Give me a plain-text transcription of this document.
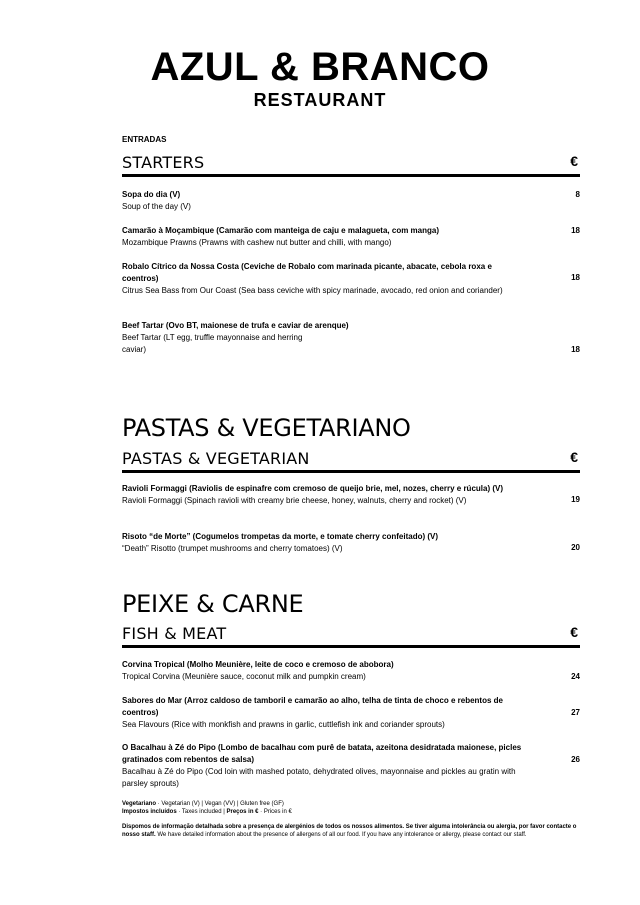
AZUL & BRANCO
RESTAURANT
ENTRADAS
STARTERS	€
Sopa do dia (V)
Soup of the day (V)
8
Camarão à Moçambique (Camarão com manteiga de caju e malagueta, com manga)
Mozambique Prawns (Prawns with cashew nut butter and chilli, with mango)
18
Robalo Cítrico da Nossa Costa (Ceviche de Robalo com marinada picante, abacate, cebola roxa e coentros)
Citrus Sea Bass from Our Coast (Sea bass ceviche with spicy marinade, avocado, red onion and coriander)
18
Beef Tartar (Ovo BT, maionese de trufa e caviar de arenque)
Beef Tartar (LT egg, truffle mayonnaise and herring caviar)	18
PASTAS & VEGETARIANO
PASTAS & VEGETARIAN	€
Ravioli Formaggi (Raviolis de espinafre com cremoso de queijo brie, mel, nozes, cherry e rúcula) (V)
Ravioli Formaggi (Spinach ravioli with creamy brie cheese, honey, walnuts, cherry and rocket) (V)	19
Risoto “de Morte” (Cogumelos trompetas da morte, e tomate cherry confeitado) (V)
“Death” Risotto (trumpet mushrooms and cherry tomatoes) (V)	20
PEIXE & CARNE
FISH & MEAT	€
Corvina Tropical (Molho Meunière, leite de coco e cremoso de abobora)
Tropical Corvina (Meunière sauce, coconut milk and pumpkin cream)	24
Sabores do Mar (Arroz caldoso de tamboril e camarão ao alho, telha de tinta de choco e rebentos de coentros)
Sea Flavours (Rice with monkfish and prawns in garlic, cuttlefish ink and coriander sprouts)
27
O Bacalhau à Zé do Pipo (Lombo de bacalhau com purê de batata, azeitona desidratada maionese, picles gratinados com rebentos de salsa)
Bacalhau à Zé do Pipo (Cod loin with mashed potato, dehydrated olives, mayonnaise and pickles au gratin with parsley sprouts)
26
Vegetariano · Vegetarian (V) | Vegan (VV) | Gluten free (GF)
Impostos incluídos · Taxes included | Preços in € · Prices in €
Dispomos de informação detalhada sobre a presença de alergénios de todos os nossos alimentos. Se tiver alguma intolerância ou alergia, por favor contacte o nosso staff. We have detailed information about the presence of allergens of all our food. If you have any intolerance or allergy, please contact our staff.
